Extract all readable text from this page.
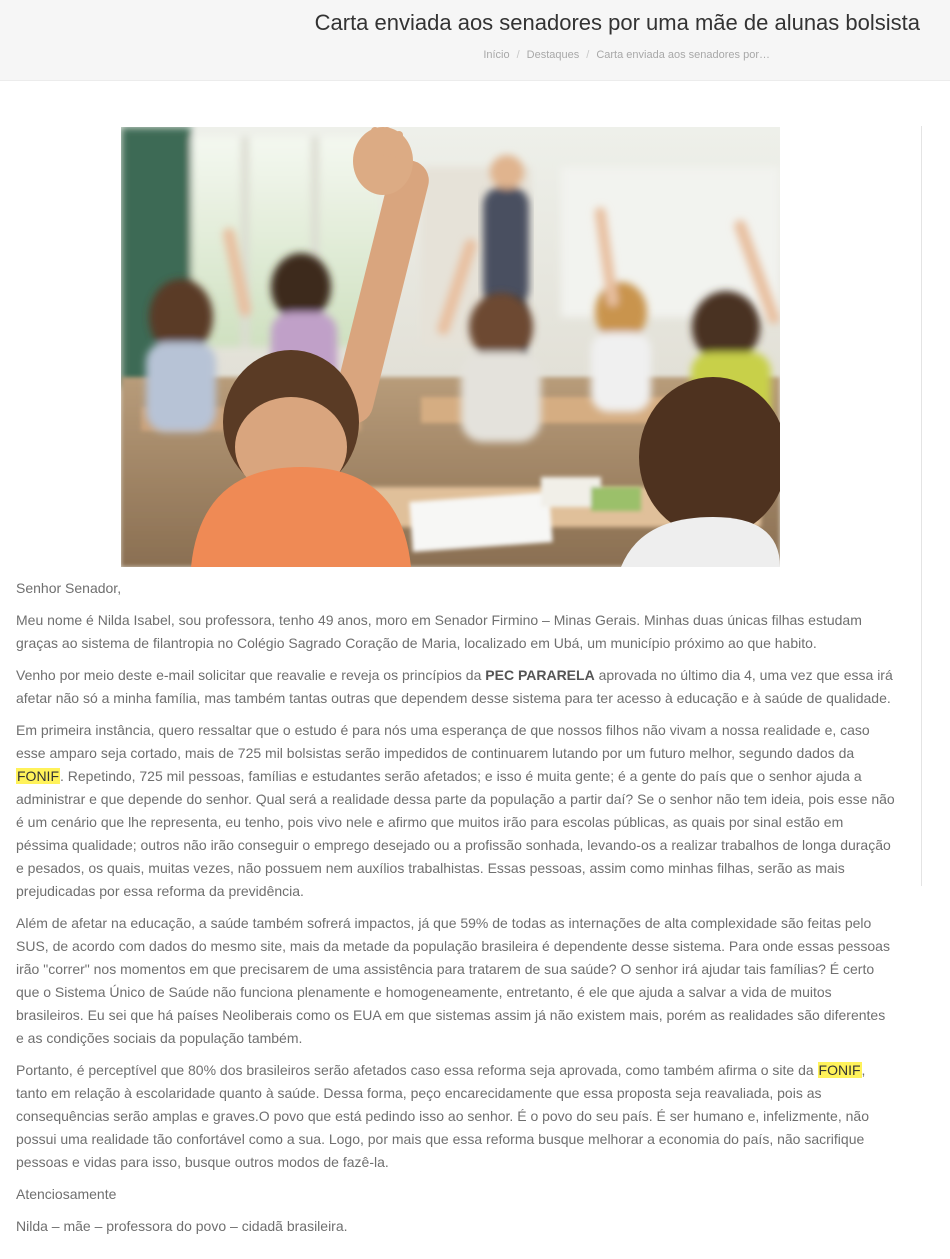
Carta enviada aos senadores por uma mãe de alunas bolsista
Início / Destaques / Carta enviada aos senadores por…

Senhor Senador,

Meu nome é Nilda Isabel, sou professora, tenho 49 anos, moro em Senador Firmino – Minas Gerais. Minhas duas únicas filhas estudam graças ao sistema de filantropia no Colégio Sagrado Coração de Maria, localizado em Ubá, um município próximo ao que habito.

Venho por meio deste e-mail solicitar que reavalie e reveja os princípios da PEC PARARELA aprovada no último dia 4, uma vez que essa irá afetar não só a minha família, mas também tantas outras que dependem desse sistema para ter acesso à educação e à saúde de qualidade.

Em primeira instância, quero ressaltar que o estudo é para nós uma esperança de que nossos filhos não vivam a nossa realidade e, caso esse amparo seja cortado, mais de 725 mil bolsistas serão impedidos de continuarem lutando por um futuro melhor, segundo dados da FONIF. Repetindo, 725 mil pessoas, famílias e estudantes serão afetados; e isso é muita gente; é a gente do país que o senhor ajuda a administrar e que depende do senhor. Qual será a realidade dessa parte da população a partir daí? Se o senhor não tem ideia, pois esse não é um cenário que lhe representa, eu tenho, pois vivo nele e afirmo que muitos irão para escolas públicas, as quais por sinal estão em péssima qualidade; outros não irão conseguir o emprego desejado ou a profissão sonhada, levando-os a realizar trabalhos de longa duração e pesados, os quais, muitas vezes, não possuem nem auxílios trabalhistas. Essas pessoas, assim como minhas filhas, serão as mais prejudicadas por essa reforma da previdência.

Além de afetar na educação, a saúde também sofrerá impactos, já que 59% de todas as internações de alta complexidade são feitas pelo SUS, de acordo com dados do mesmo site, mais da metade da população brasileira é dependente desse sistema. Para onde essas pessoas irão "correr" nos momentos em que precisarem de uma assistência para tratarem de sua saúde? O senhor irá ajudar tais famílias? É certo que o Sistema Único de Saúde não funciona plenamente e homogeneamente, entretanto, é ele que ajuda a salvar a vida de muitos brasileiros. Eu sei que há países Neoliberais como os EUA em que sistemas assim já não existem mais, porém as realidades são diferentes e as condições sociais da população também.

Portanto, é perceptível que 80% dos brasileiros serão afetados caso essa reforma seja aprovada, como também afirma o site da FONIF, tanto em relação à escolaridade quanto à saúde. Dessa forma, peço encarecidamente que essa proposta seja reavaliada, pois as consequências serão amplas e graves.O povo que está pedindo isso ao senhor. É o povo do seu país. É ser humano e, infelizmente, não possui uma realidade tão confortável como a sua. Logo, por mais que essa reforma busque melhorar a economia do país, não sacrifique pessoas e vidas para isso, busque outros modos de fazê-la.

Atenciosamente

Nilda – mãe – professora do povo – cidadã brasileira.
